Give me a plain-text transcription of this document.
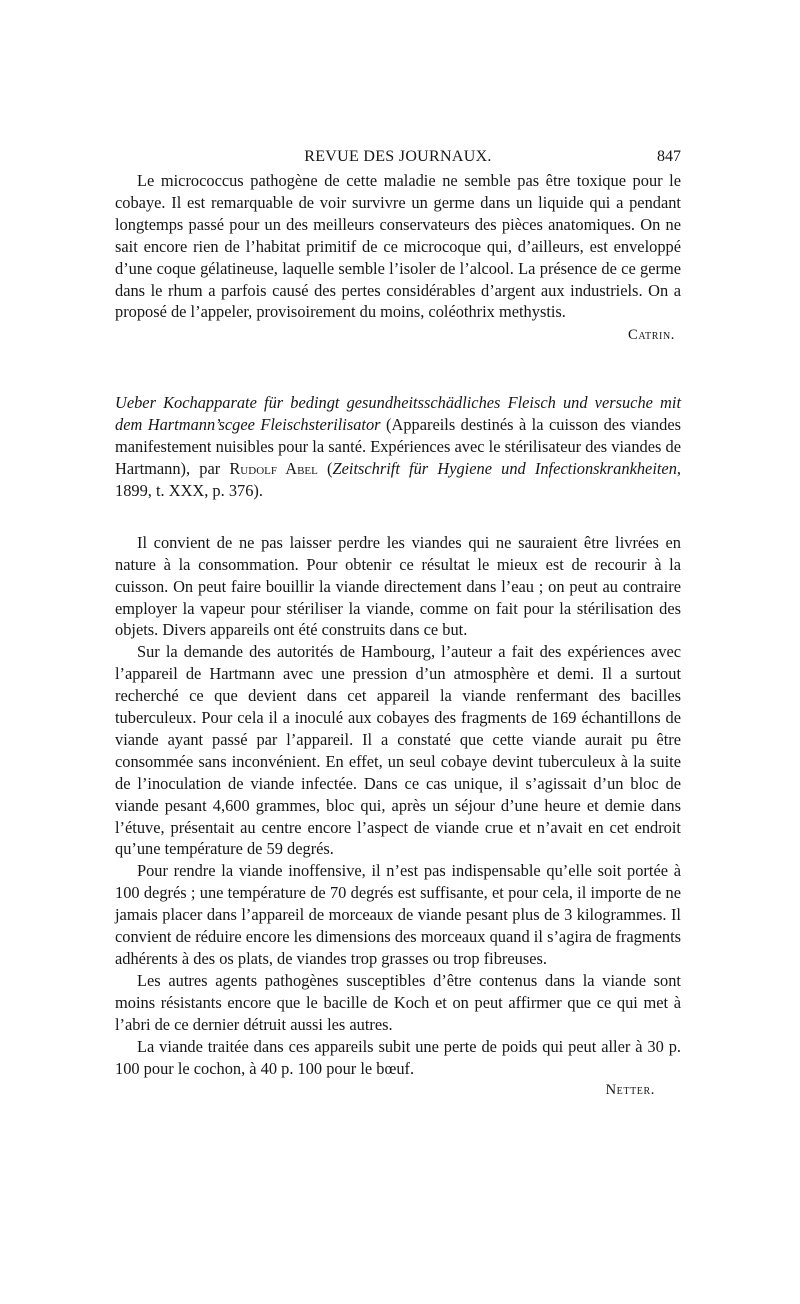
REVUE DES JOURNAUX.	847

Le micrococcus pathogène de cette maladie ne semble pas être toxique pour le cobaye. Il est remarquable de voir survivre un germe dans un liquide qui a pendant longtemps passé pour un des meilleurs conservateurs des pièces anatomiques. On ne sait encore rien de l’habitat primitif de ce microcoque qui, d’ailleurs, est enveloppé d’une coque gélatineuse, laquelle semble l’isoler de l’alcool. La présence de ce germe dans le rhum a parfois causé des pertes considérables d’argent aux industriels. On a proposé de l’appeler, provisoirement du moins, coléothrix methystis.

Catrin.

Ueber Kochapparate für bedingt gesundheitsschädliches Fleisch und versuche mit dem Hartmann’scgee Fleischsterilisator (Appareils destinés à la cuisson des viandes manifestement nuisibles pour la santé. Expériences avec le stérilisateur des viandes de Hartmann), par Rudolf Abel (Zeitschrift für Hygiene und Infectionskrankheiten, 1899, t. XXX, p. 376).

Il convient de ne pas laisser perdre les viandes qui ne sauraient être livrées en nature à la consommation. Pour obtenir ce résultat le mieux est de recourir à la cuisson. On peut faire bouillir la viande directement dans l’eau ; on peut au contraire employer la vapeur pour stériliser la viande, comme on fait pour la stérilisation des objets. Divers appareils ont été construits dans ce but.

Sur la demande des autorités de Hambourg, l’auteur a fait des expériences avec l’appareil de Hartmann avec une pression d’un atmosphère et demi. Il a surtout recherché ce que devient dans cet appareil la viande renfermant des bacilles tuberculeux. Pour cela il a inoculé aux cobayes des fragments de 169 échantillons de viande ayant passé par l’appareil. Il a constaté que cette viande aurait pu être consommée sans inconvénient. En effet, un seul cobaye devint tuberculeux à la suite de l’inoculation de viande infectée. Dans ce cas unique, il s’agissait d’un bloc de viande pesant 4,600 grammes, bloc qui, après un séjour d’une heure et demie dans l’étuve, présentait au centre encore l’aspect de viande crue et n’avait en cet endroit qu’une température de 59 degrés.

Pour rendre la viande inoffensive, il n’est pas indispensable qu’elle soit portée à 100 degrés ; une température de 70 degrés est suffisante, et pour cela, il importe de ne jamais placer dans l’appareil de morceaux de viande pesant plus de 3 kilogrammes. Il convient de réduire encore les dimensions des morceaux quand il s’agira de fragments adhérents à des os plats, de viandes trop grasses ou trop fibreuses.

Les autres agents pathogènes susceptibles d’être contenus dans la viande sont moins résistants encore que le bacille de Koch et on peut affirmer que ce qui met à l’abri de ce dernier détruit aussi les autres.

La viande traitée dans ces appareils subit une perte de poids qui peut aller à 30 p. 100 pour le cochon, à 40 p. 100 pour le bœuf.

Netter.
